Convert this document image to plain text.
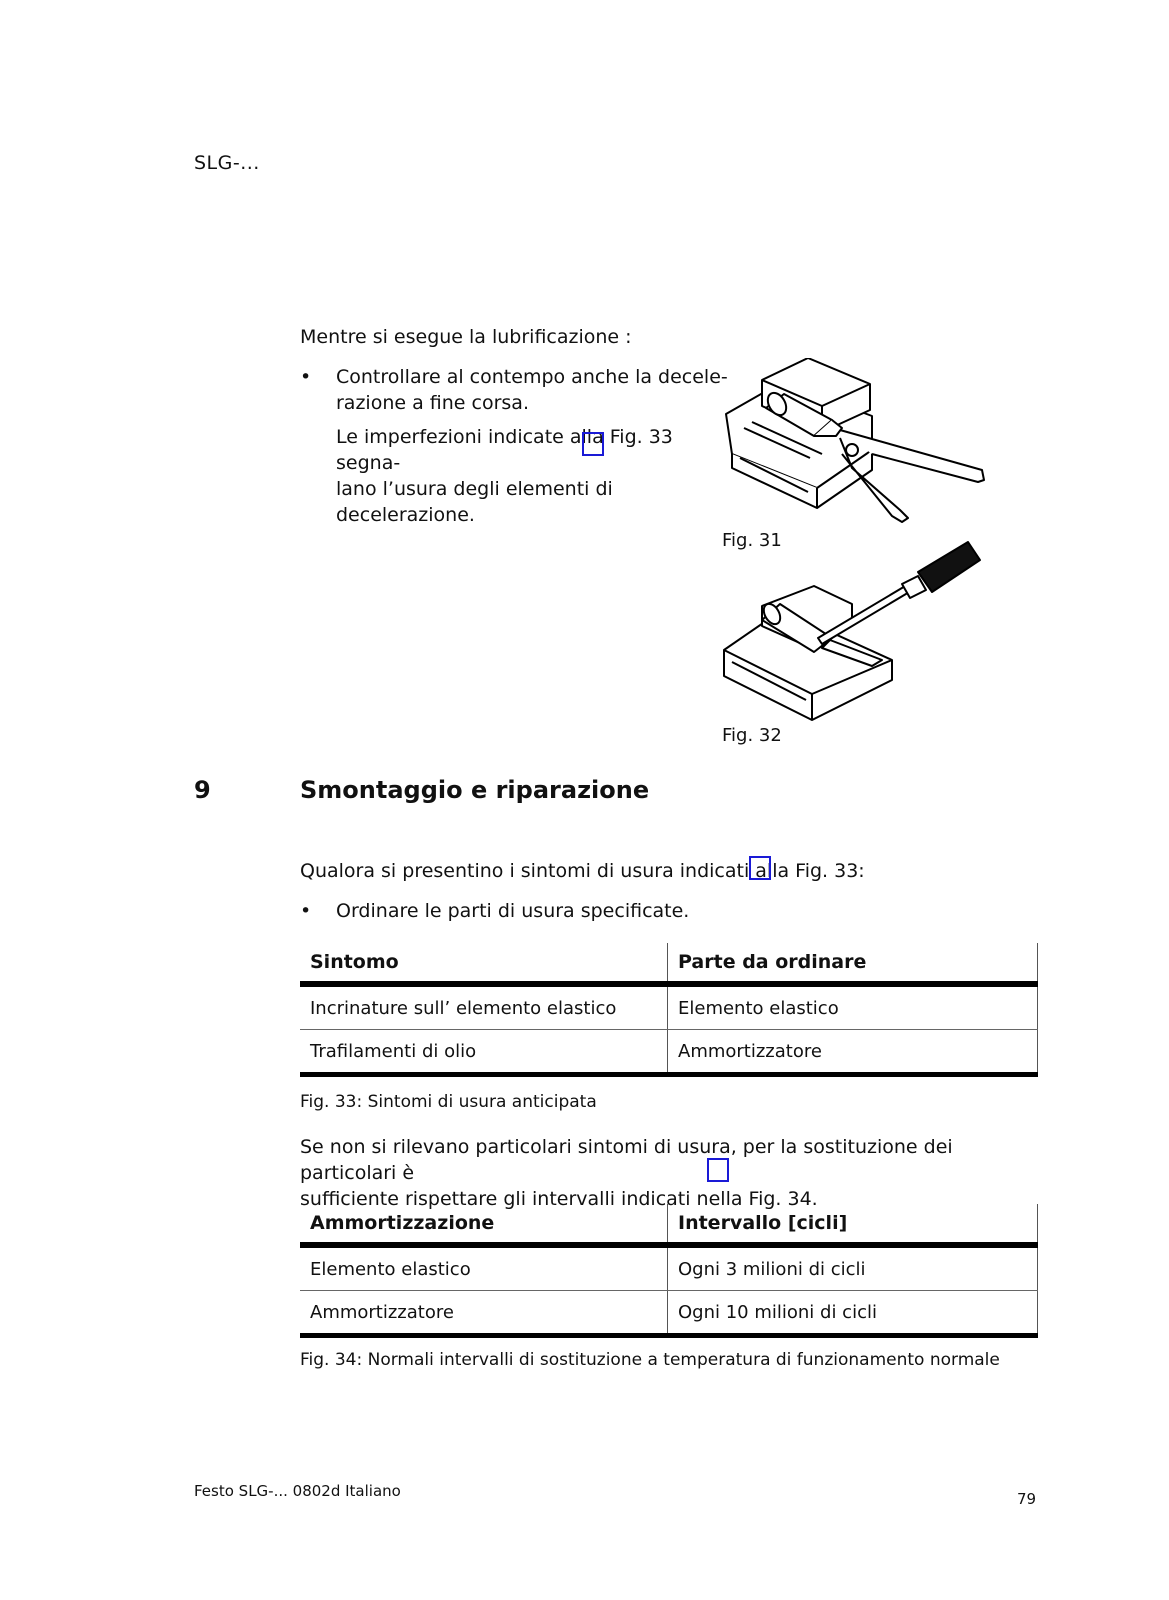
SLG-...
Mentre si esegue la lubrificazione :
• Controllare al contempo anche la decele-
razione a fine corsa.
Le imperfezioni indicate alla Fig. 33 segna-
lano l’usura degli elementi di decelerazione.
Fig. 31
Fig. 32
9	Smontaggio e riparazione
Qualora si presentino i sintomi di usura indicati alla Fig. 33:
• Ordinare le parti di usura specificate.
Sintomo	Parte da ordinare
Incrinature sull’ elemento elastico	Elemento elastico
Trafilamenti di olio	Ammortizzatore
Fig. 33: Sintomi di usura anticipata
Se non si rilevano particolari sintomi di usura, per la sostituzione dei particolari è
sufficiente rispettare gli intervalli indicati nella Fig. 34.
Ammortizzazione	Intervallo [cicli]
Elemento elastico	Ogni 3 milioni di cicli
Ammortizzatore	Ogni 10 milioni di cicli
Fig. 34: Normali intervalli di sostituzione a temperatura di funzionamento normale
Festo SLG-... 0802d Italiano	79
